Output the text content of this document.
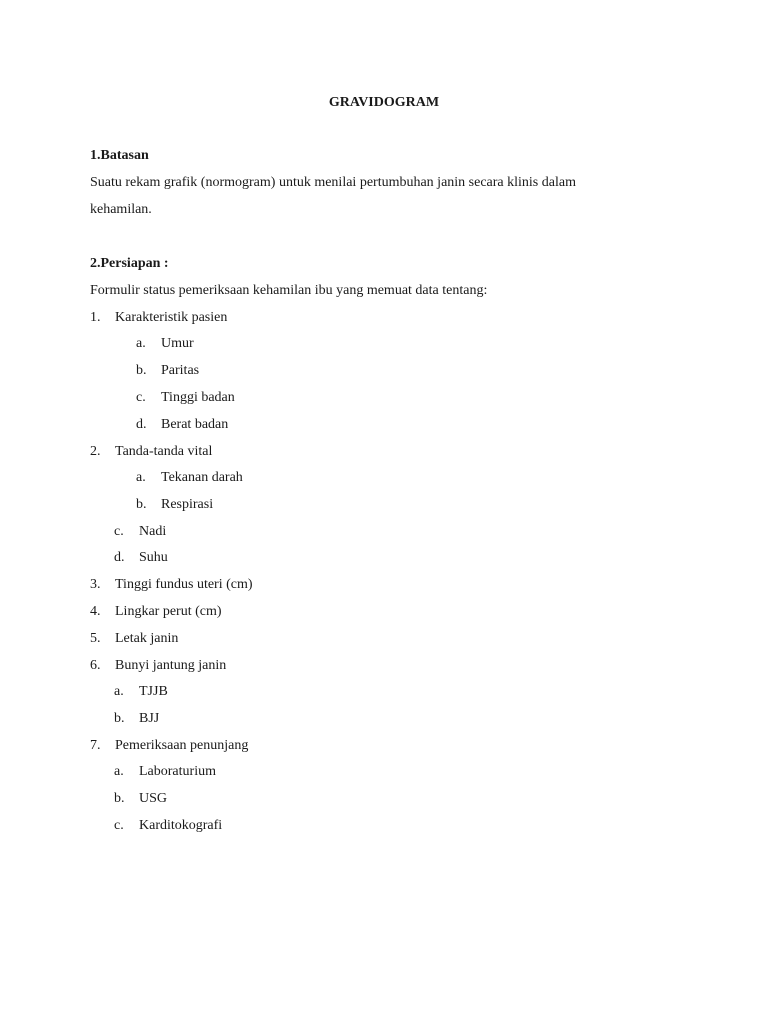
GRAVIDOGRAM
1.Batasan
Suatu rekam grafik (normogram) untuk menilai pertumbuhan janin secara klinis dalam
kehamilan.
2.Persiapan :
Formulir status pemeriksaan kehamilan ibu yang memuat data tentang:
1. Karakteristik pasien
a. Umur
b. Paritas
c. Tinggi badan
d. Berat badan
2. Tanda-tanda vital
a. Tekanan darah
b. Respirasi
c. Nadi
d. Suhu
3. Tinggi fundus uteri (cm)
4. Lingkar perut (cm)
5. Letak janin
6. Bunyi jantung janin
a. TJJB
b. BJJ
7. Pemeriksaan penunjang
a. Laboraturium
b. USG
c. Karditokografi
